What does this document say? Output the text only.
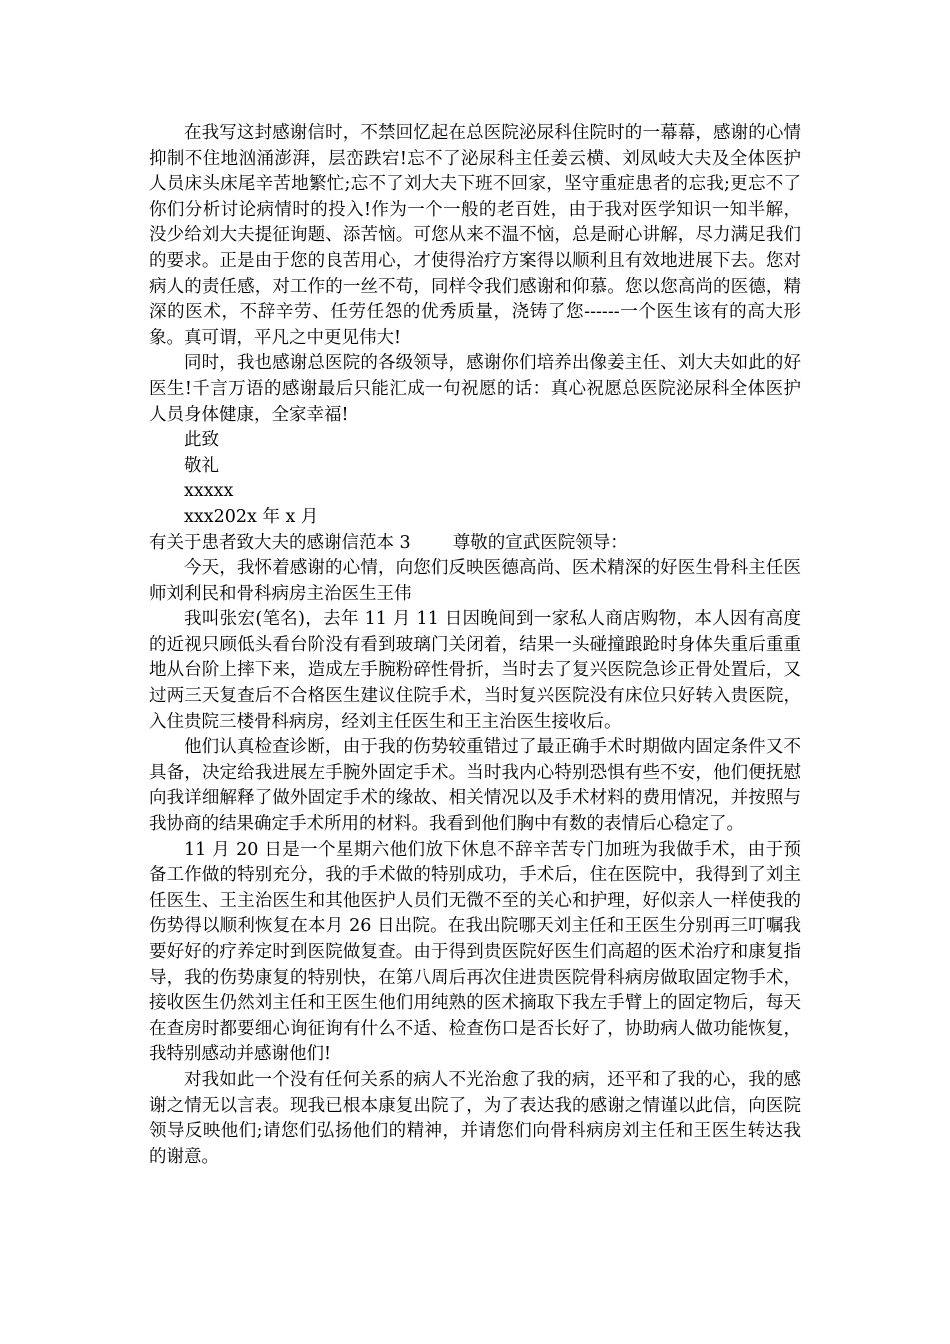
在我写这封感谢信时，不禁回忆起在总医院泌尿科住院时的一幕幕，感谢的心情抑制不住地汹涌澎湃，层峦跌宕!忘不了泌尿科主任姜云横、刘凤岐大夫及全体医护人员床头床尾辛苦地繁忙;忘不了刘大夫下班不回家，坚守重症患者的忘我;更忘不了你们分析讨论病情时的投入!作为一个一般的老百姓，由于我对医学知识一知半解，没少给刘大夫提征询题、添苦恼。可您从来不温不恼，总是耐心讲解，尽力满足我们的要求。正是由于您的良苦用心，才使得治疗方案得以顺利且有效地进展下去。您对病人的责任感，对工作的一丝不苟，同样令我们感谢和仰慕。您以您高尚的医德，精深的医术，不辞辛劳、任劳任怨的优秀质量，浇铸了您------一个医生该有的高大形象。真可谓，平凡之中更见伟大!

同时，我也感谢总医院的各级领导，感谢你们培养出像姜主任、刘大夫如此的好医生!千言万语的感谢最后只能汇成一句祝愿的话：真心祝愿总医院泌尿科全体医护人员身体健康，全家幸福!

此致

敬礼

xxxxx

xxx202x 年 x 月

有关于患者致大夫的感谢信范本 3 尊敬的宣武医院领导：

今天，我怀着感谢的心情，向您们反映医德高尚、医术精深的好医生骨科主任医师刘利民和骨科病房主治医生王伟

我叫张宏(笔名)，去年 11 月 11 日因晚间到一家私人商店购物，本人因有高度的近视只顾低头看台阶没有看到玻璃门关闭着，结果一头碰撞踉跄时身体失重后重重地从台阶上摔下来，造成左手腕粉碎性骨折，当时去了复兴医院急诊正骨处置后，又过两三天复查后不合格医生建议住院手术，当时复兴医院没有床位只好转入贵医院，入住贵院三楼骨科病房，经刘主任医生和王主治医生接收后。

他们认真检查诊断，由于我的伤势较重错过了最正确手术时期做内固定条件又不具备，决定给我进展左手腕外固定手术。当时我内心特别恐惧有些不安，他们便抚慰向我详细解释了做外固定手术的缘故、相关情况以及手术材料的费用情况，并按照与我协商的结果确定手术所用的材料。我看到他们胸中有数的表情后心稳定了。

11 月 20 日是一个星期六他们放下休息不辞辛苦专门加班为我做手术，由于预备工作做的特别充分，我的手术做的特别成功，手术后，住在医院中，我得到了刘主任医生、王主治医生和其他医护人员们无微不至的关心和护理，好似亲人一样使我的伤势得以顺利恢复在本月 26 日出院。在我出院哪天刘主任和王医生分别再三叮嘱我要好好的疗养定时到医院做复查。由于得到贵医院好医生们高超的医术治疗和康复指导，我的伤势康复的特别快，在第八周后再次住进贵医院骨科病房做取固定物手术，接收医生仍然刘主任和王医生他们用纯熟的医术摘取下我左手臂上的固定物后，每天在查房时都要细心询征询有什么不适、检查伤口是否长好了，协助病人做功能恢复，我特别感动并感谢他们!

对我如此一个没有任何关系的病人不光治愈了我的病，还平和了我的心，我的感谢之情无以言表。现我已根本康复出院了，为了表达我的感谢之情谨以此信，向医院领导反映他们;请您们弘扬他们的精神，并请您们向骨科病房刘主任和王医生转达我的谢意。
